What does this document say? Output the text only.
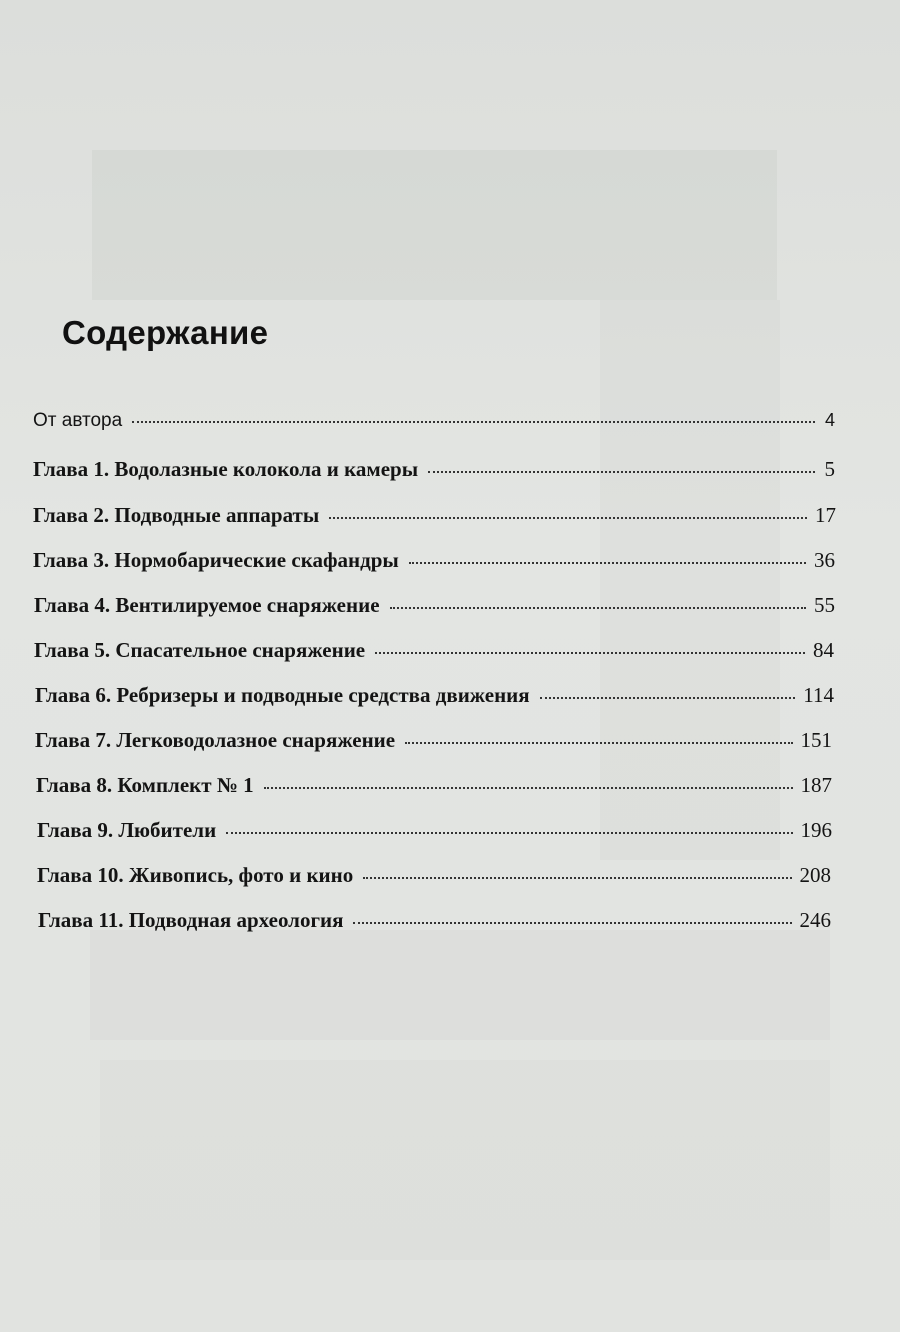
Содержание
От автора	4
Глава 1. Водолазные колокола и камеры	5
Глава 2. Подводные аппараты	17
Глава 3. Нормобарические скафандры	36
Глава 4. Вентилируемое снаряжение	55
Глава 5. Спасательное снаряжение	84
Глава 6. Ребризеры и подводные средства движения	114
Глава 7. Легководолазное снаряжение	151
Глава 8. Комплект № 1	187
Глава 9. Любители	196
Глава 10. Живопись, фото и кино	208
Глава 11. Подводная археология	246
